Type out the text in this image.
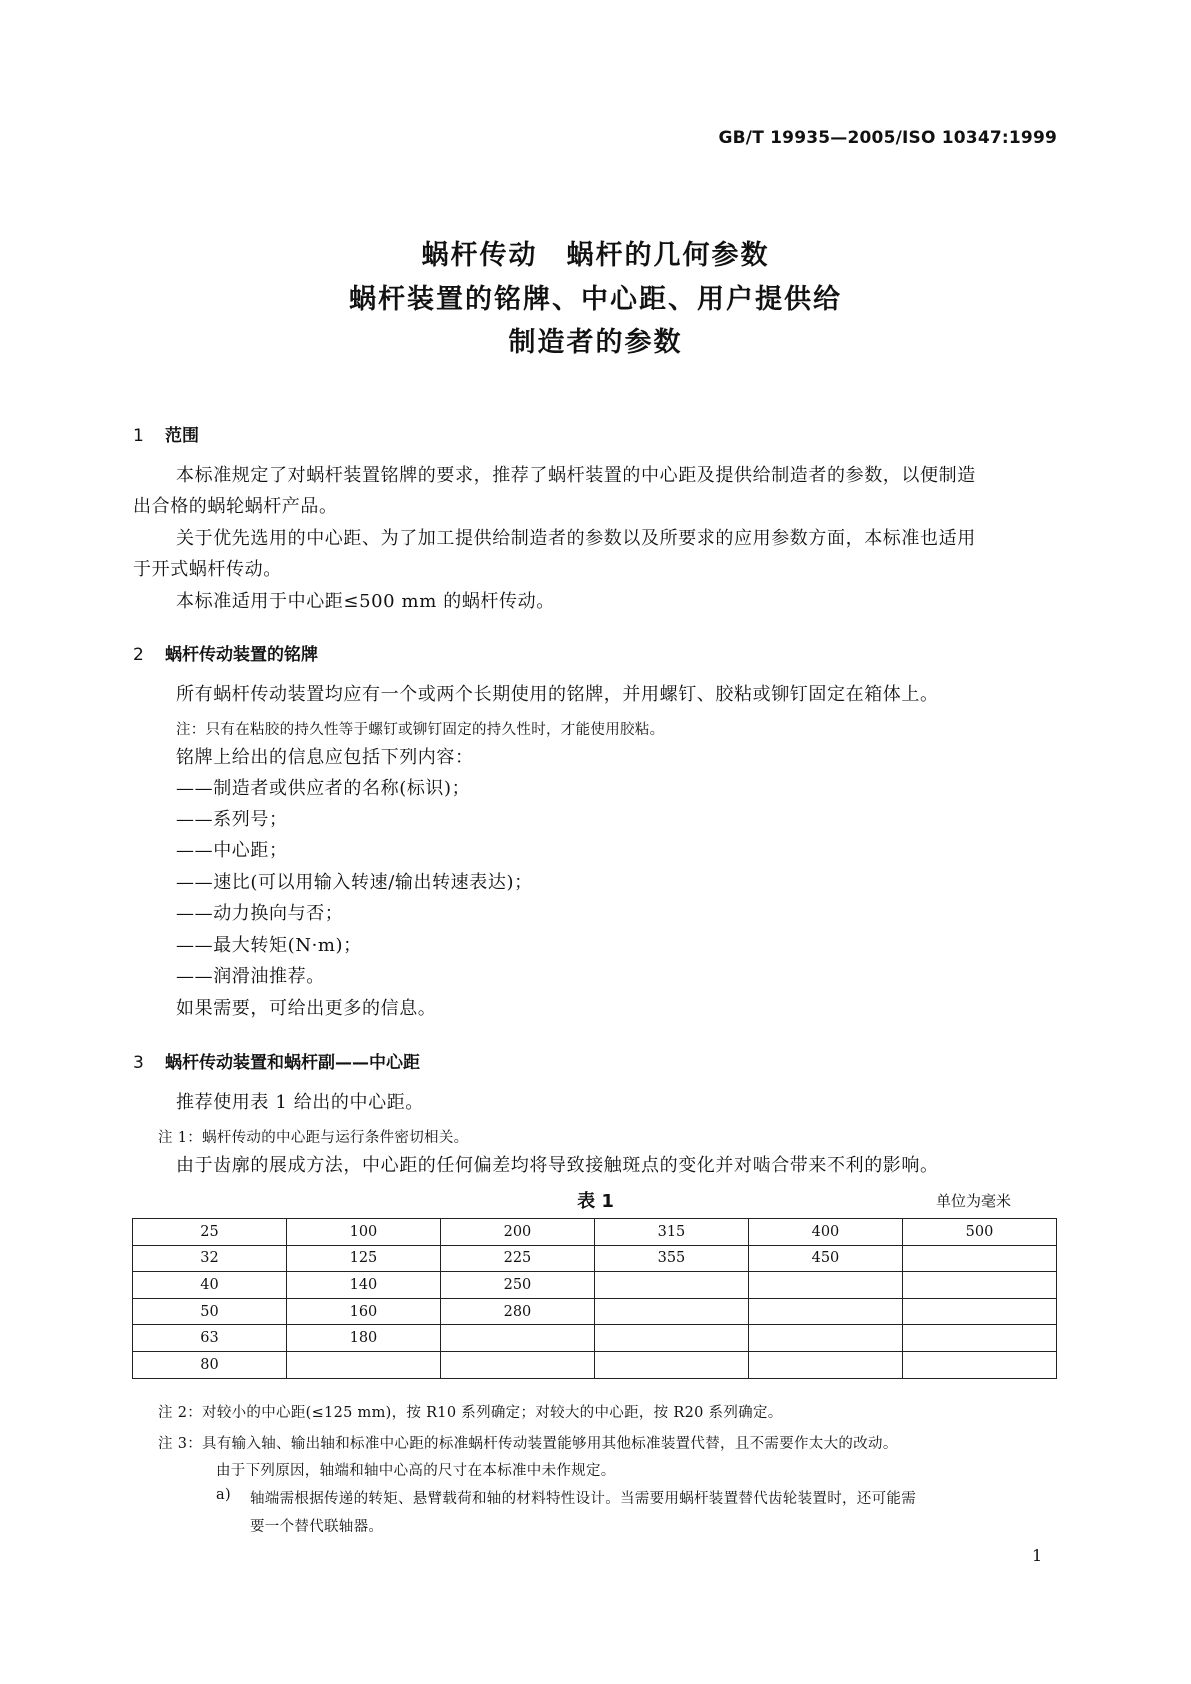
GB/T 19935—2005/ISO 10347:1999
蜗杆传动　蜗杆的几何参数
蜗杆装置的铭牌、中心距、用户提供给
制造者的参数
1 范围
本标准规定了对蜗杆装置铭牌的要求，推荐了蜗杆装置的中心距及提供给制造者的参数，以便制造
出合格的蜗轮蜗杆产品。
关于优先选用的中心距、为了加工提供给制造者的参数以及所要求的应用参数方面，本标准也适用
于开式蜗杆传动。
本标准适用于中心距≤500 mm 的蜗杆传动。
2 蜗杆传动装置的铭牌
所有蜗杆传动装置均应有一个或两个长期使用的铭牌，并用螺钉、胶粘或铆钉固定在箱体上。
注：只有在粘胶的持久性等于螺钉或铆钉固定的持久性时，才能使用胶粘。
铭牌上给出的信息应包括下列内容：
——制造者或供应者的名称(标识)；
——系列号；
——中心距；
——速比(可以用输入转速/输出转速表达)；
——动力换向与否；
——最大转矩(N·m)；
——润滑油推荐。
如果需要，可给出更多的信息。
3 蜗杆传动装置和蜗杆副——中心距
推荐使用表 1 给出的中心距。
注 1：蜗杆传动的中心距与运行条件密切相关。
由于齿廓的展成方法，中心距的任何偏差均将导致接触斑点的变化并对啮合带来不利的影响。
表 1	单位为毫米
25	100	200	315	400	500
32	125	225	355	450	
40	140	250			
50	160	280			
63	180				
80					
注 2：对较小的中心距(≤125 mm)，按 R10 系列确定；对较大的中心距，按 R20 系列确定。
注 3：具有输入轴、输出轴和标准中心距的标准蜗杆传动装置能够用其他标准装置代替，且不需要作太大的改动。
由于下列原因，轴端和轴中心高的尺寸在本标准中未作规定。
a) 轴端需根据传递的转矩、悬臂载荷和轴的材料特性设计。当需要用蜗杆装置替代齿轮装置时，还可能需
要一个替代联轴器。
1
